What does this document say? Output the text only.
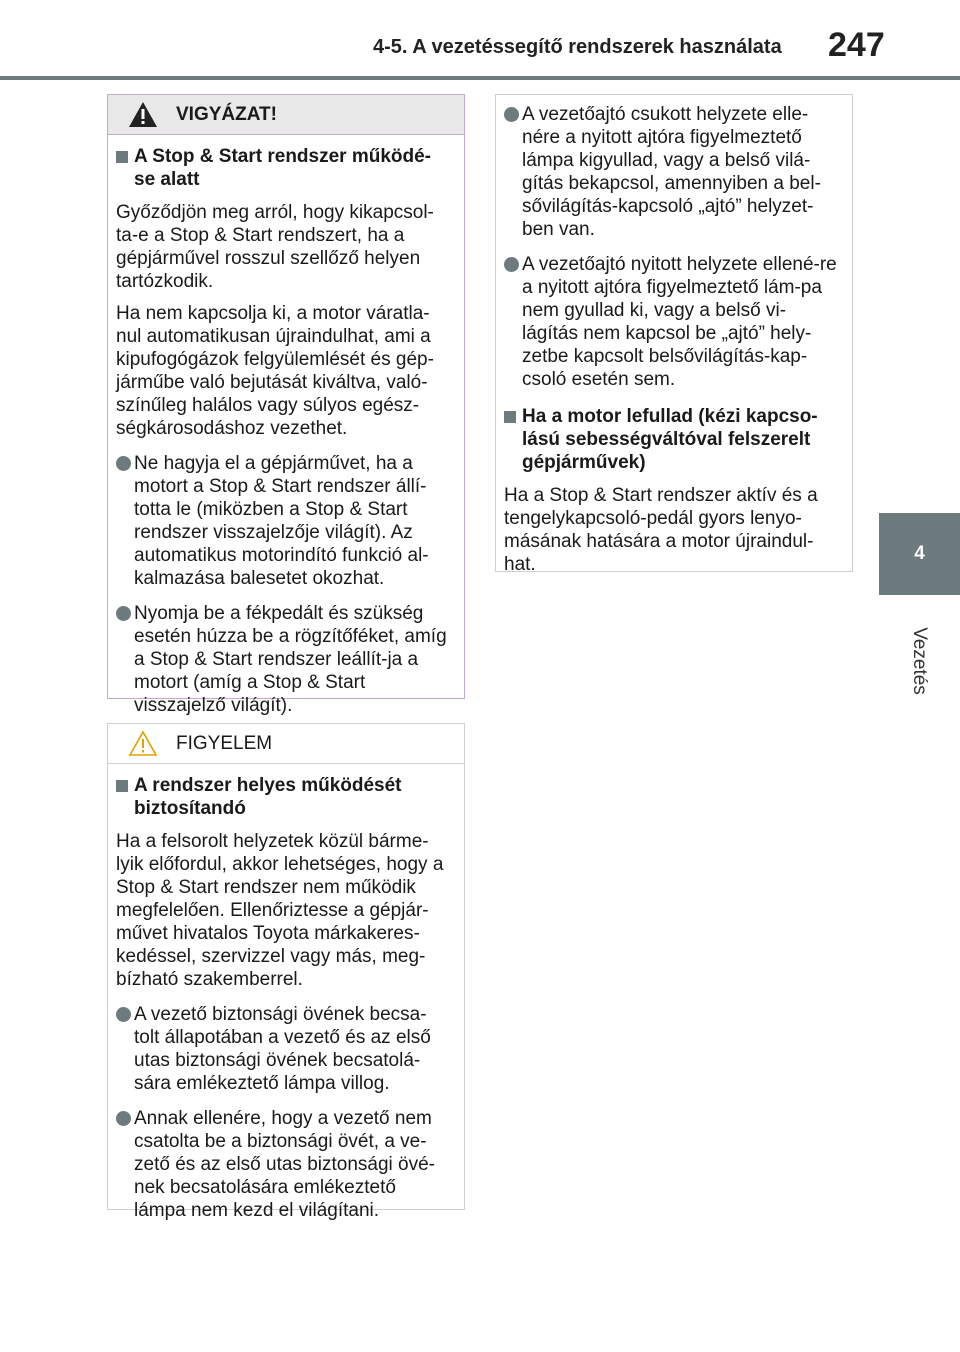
4-5. A vezetéssegítő rendszerek használata 247
4
Vezetés
VIGYÁZAT!
A Stop & Start rendszer működé-se alatt

Győződjön meg arról, hogy kikapcsol-ta-e a Stop & Start rendszert, ha a gépjárművel rosszul szellőző helyen tartózkodik.

Ha nem kapcsolja ki, a motor váratla-nul automatikusan újraindulhat, ami a kipufogógázok felgyülemlését és gép-járműbe való bejutását kiváltva, való-színűleg halálos vagy súlyos egész-ségkárosodáshoz vezethet.

Ne hagyja el a gépjárművet, ha a motort a Stop & Start rendszer állí-totta le (miközben a Stop & Start rendszer visszajelzője világít). Az automatikus motorindító funkció al-kalmazása balesetet okozhat.
Nyomja be a fékpedált és szükség esetén húzza be a rögzítőféket, amíg a Stop & Start rendszer leállít-ja a motort (amíg a Stop & Start visszajelző világít).
FIGYELEM
A rendszer helyes működését biztosítandó

Ha a felsorolt helyzetek közül bárme-lyik előfordul, akkor lehetséges, hogy a Stop & Start rendszer nem működik megfelelően. Ellenőriztesse a gépjár-művet hivatalos Toyota márkakeres-kedéssel, szervizzel vagy más, meg-bízható szakemberrel.

A vezető biztonsági övének becsa-tolt állapotában a vezető és az első utas biztonsági övének becsatolá-sára emlékeztető lámpa villog.
Annak ellenére, hogy a vezető nem csatolta be a biztonsági övét, a ve-zető és az első utas biztonsági övé-nek becsatolására emlékeztető lámpa nem kezd el világítani.
A vezetőajtó csukott helyzete elle-nére a nyitott ajtóra figyelmeztető lámpa kigyullad, vagy a belső vilá-gítás bekapcsol, amennyiben a bel-sővilágítás-kapcsoló „ajtó” helyzet-ben van.
A vezetőajtó nyitott helyzete ellené-re a nyitott ajtóra figyelmeztető lám-pa nem gyullad ki, vagy a belső vi-lágítás nem kapcsol be „ajtó” hely-zetbe kapcsolt belsővilágítás-kap-csoló esetén sem.
Ha a motor lefullad (kézi kapcso-lású sebességváltóval felszerelt gépjárművek)

Ha a Stop & Start rendszer aktív és a tengelykapcsoló-pedál gyors lenyo-másának hatására a motor újraindul-hat.
